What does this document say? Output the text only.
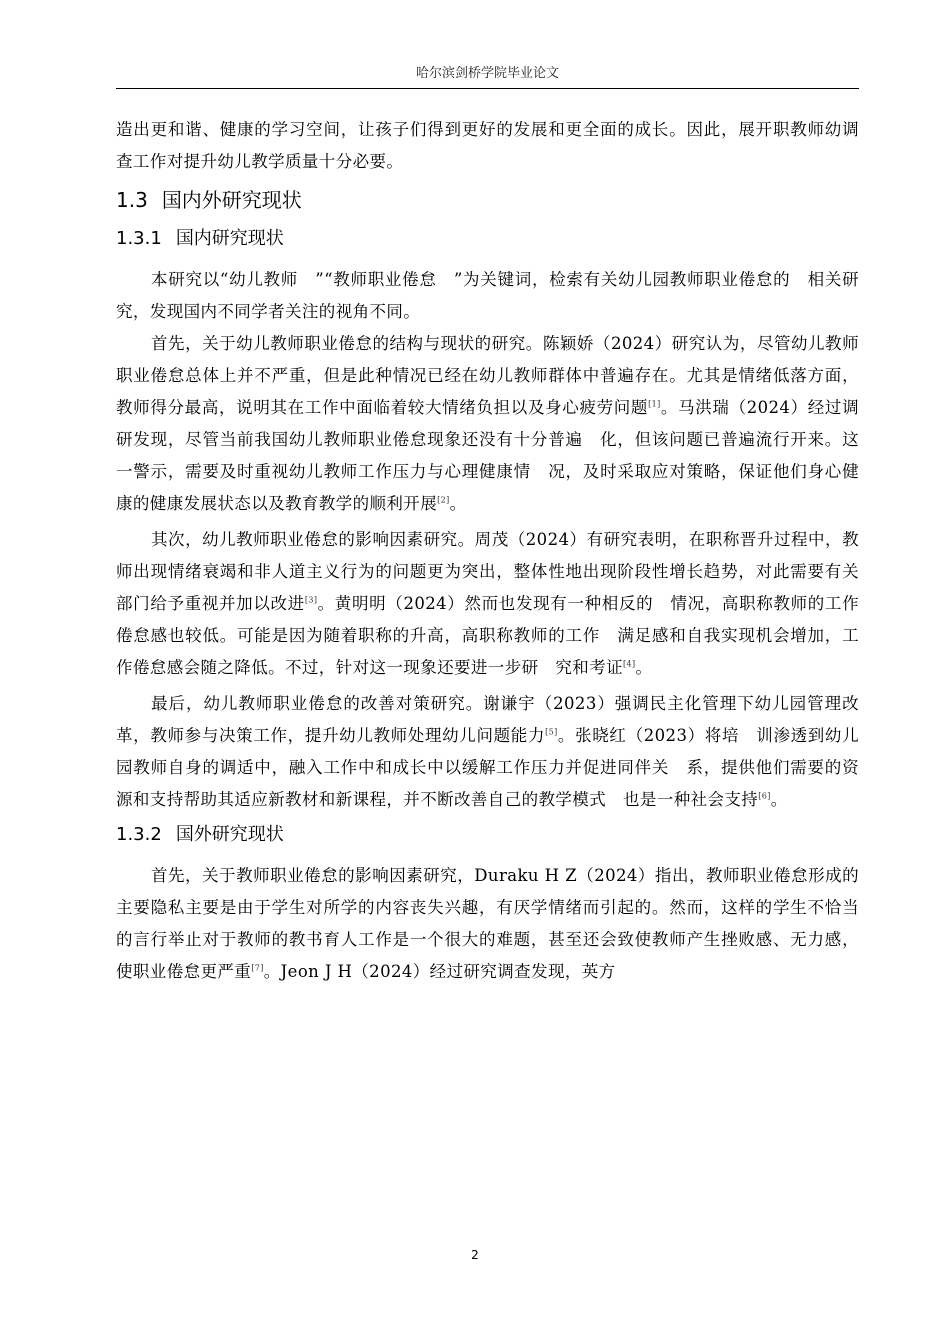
哈尔滨剑桥学院毕业论文

造出更和谐、健康的学习空间，让孩子们得到更好的发展和更全面的成长。因此，展开职教师幼调查工作对提升幼儿教学质量十分必要。

1.3 国内外研究现状
1.3.1 国内研究现状

本研究以“幼儿教师　”“教师职业倦怠　”为关键词，检索有关幼儿园教师职业倦怠的　相关研究，发现国内不同学者关注的视角不同。

首先，关于幼儿教师职业倦怠的结构与现状的研究。陈颖娇（2024）研究认为，尽管幼儿教师职业倦怠总体上并不严重，但是此种情况已经在幼儿教师群体中普遍存在。尤其是情绪低落方面，教师得分最高，说明其在工作中面临着较大情绪负担以及身心疲劳问题[1]。马洪瑞（2024）经过调研发现，尽管当前我国幼儿教师职业倦怠现象还没有十分普遍　化，但该问题已普遍流行开来。这一警示，需要及时重视幼儿教师工作压力与心理健康情　况，及时采取应对策略，保证他们身心健康的健康发展状态以及教育教学的顺利开展[2]。

其次，幼儿教师职业倦怠的影响因素研究。周茂（2024）有研究表明，在职称晋升过程中，教师出现情绪衰竭和非人道主义行为的问题更为突出，整体性地出现阶段性增长趋势，对此需要有关部门给予重视并加以改进[3]。黄明明（2024）然而也发现有一种相反的　情况，高职称教师的工作倦怠感也较低。可能是因为随着职称的升高，高职称教师的工作　满足感和自我实现机会增加，工作倦怠感会随之降低。不过，针对这一现象还要进一步研　究和考证[4]。

最后，幼儿教师职业倦怠的改善对策研究。谢谦宇（2023）强调民主化管理下幼儿园管理改革，教师参与决策工作，提升幼儿教师处理幼儿问题能力[5]。张晓红（2023）将培　训渗透到幼儿园教师自身的调适中，融入工作中和成长中以缓解工作压力并促进同伴关　系，提供他们需要的资源和支持帮助其适应新教材和新课程，并不断改善自己的教学模式　也是一种社会支持[6]。

1.3.2 国外研究现状

首先，关于教师职业倦怠的影响因素研究，Duraku H Z（2024）指出，教师职业倦怠形成的主要隐私主要是由于学生对所学的内容丧失兴趣，有厌学情绪而引起的。然而，这样的学生不恰当的言行举止对于教师的教书育人工作是一个很大的难题，甚至还会致使教师产生挫败感、无力感，使职业倦怠更严重[7]。Jeon J H（2024）经过研究调查发现，英方

2
